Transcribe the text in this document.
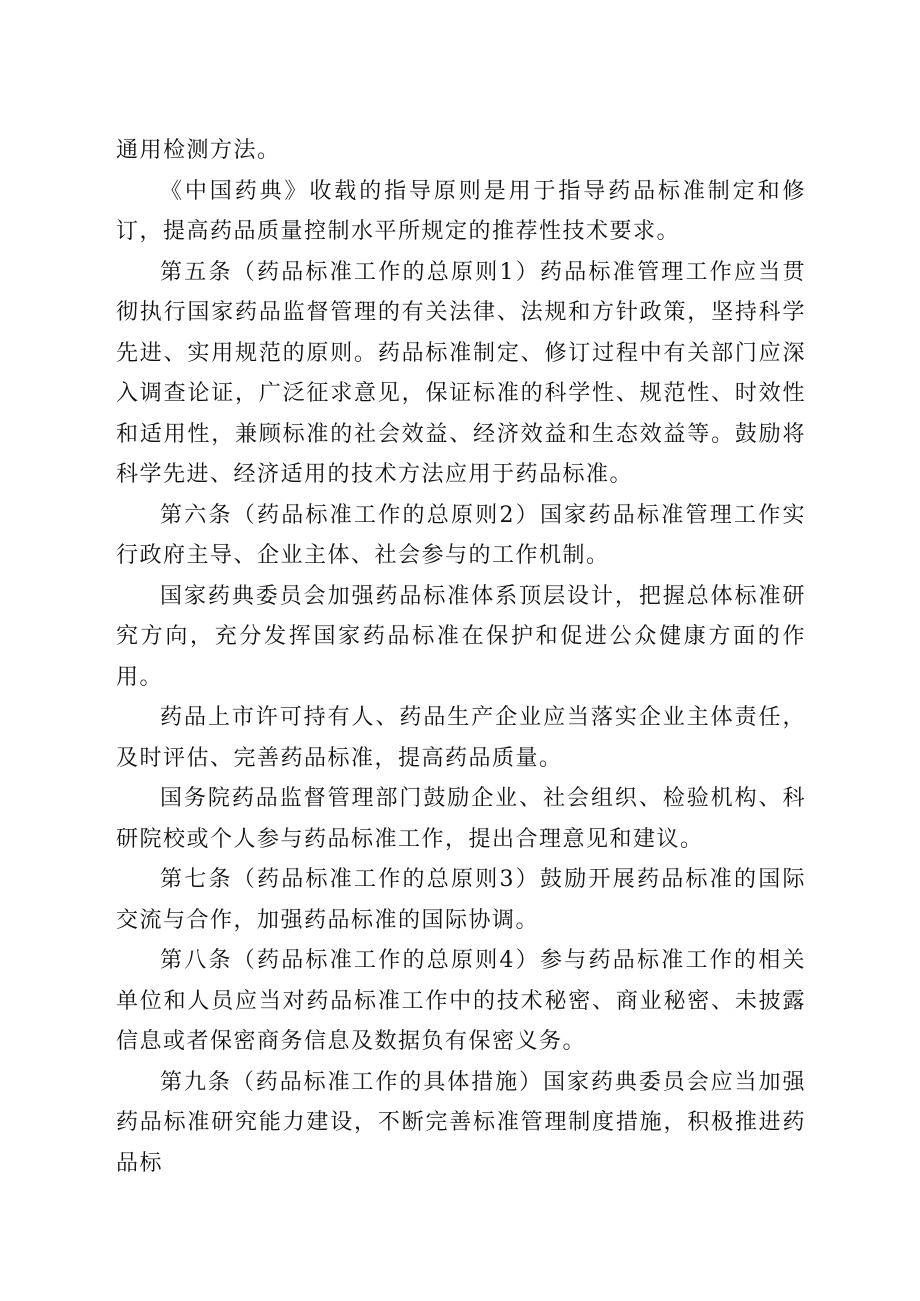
通用检测方法。

《中国药典》收载的指导原则是用于指导药品标准制定和修订，提高药品质量控制水平所规定的推荐性技术要求。

第五条（药品标准工作的总原则1）药品标准管理工作应当贯彻执行国家药品监督管理的有关法律、法规和方针政策，坚持科学先进、实用规范的原则。药品标准制定、修订过程中有关部门应深入调查论证，广泛征求意见，保证标准的科学性、规范性、时效性和适用性，兼顾标准的社会效益、经济效益和生态效益等。鼓励将科学先进、经济适用的技术方法应用于药品标准。

第六条（药品标准工作的总原则2）国家药品标准管理工作实行政府主导、企业主体、社会参与的工作机制。

国家药典委员会加强药品标准体系顶层设计，把握总体标准研究方向，充分发挥国家药品标准在保护和促进公众健康方面的作用。

药品上市许可持有人、药品生产企业应当落实企业主体责任，及时评估、完善药品标准，提高药品质量。

国务院药品监督管理部门鼓励企业、社会组织、检验机构、科研院校或个人参与药品标准工作，提出合理意见和建议。

第七条（药品标准工作的总原则3）鼓励开展药品标准的国际交流与合作，加强药品标准的国际协调。

第八条（药品标准工作的总原则4）参与药品标准工作的相关单位和人员应当对药品标准工作中的技术秘密、商业秘密、未披露信息或者保密商务信息及数据负有保密义务。

第九条（药品标准工作的具体措施）国家药典委员会应当加强药品标准研究能力建设，不断完善标准管理制度措施，积极推进药品标
